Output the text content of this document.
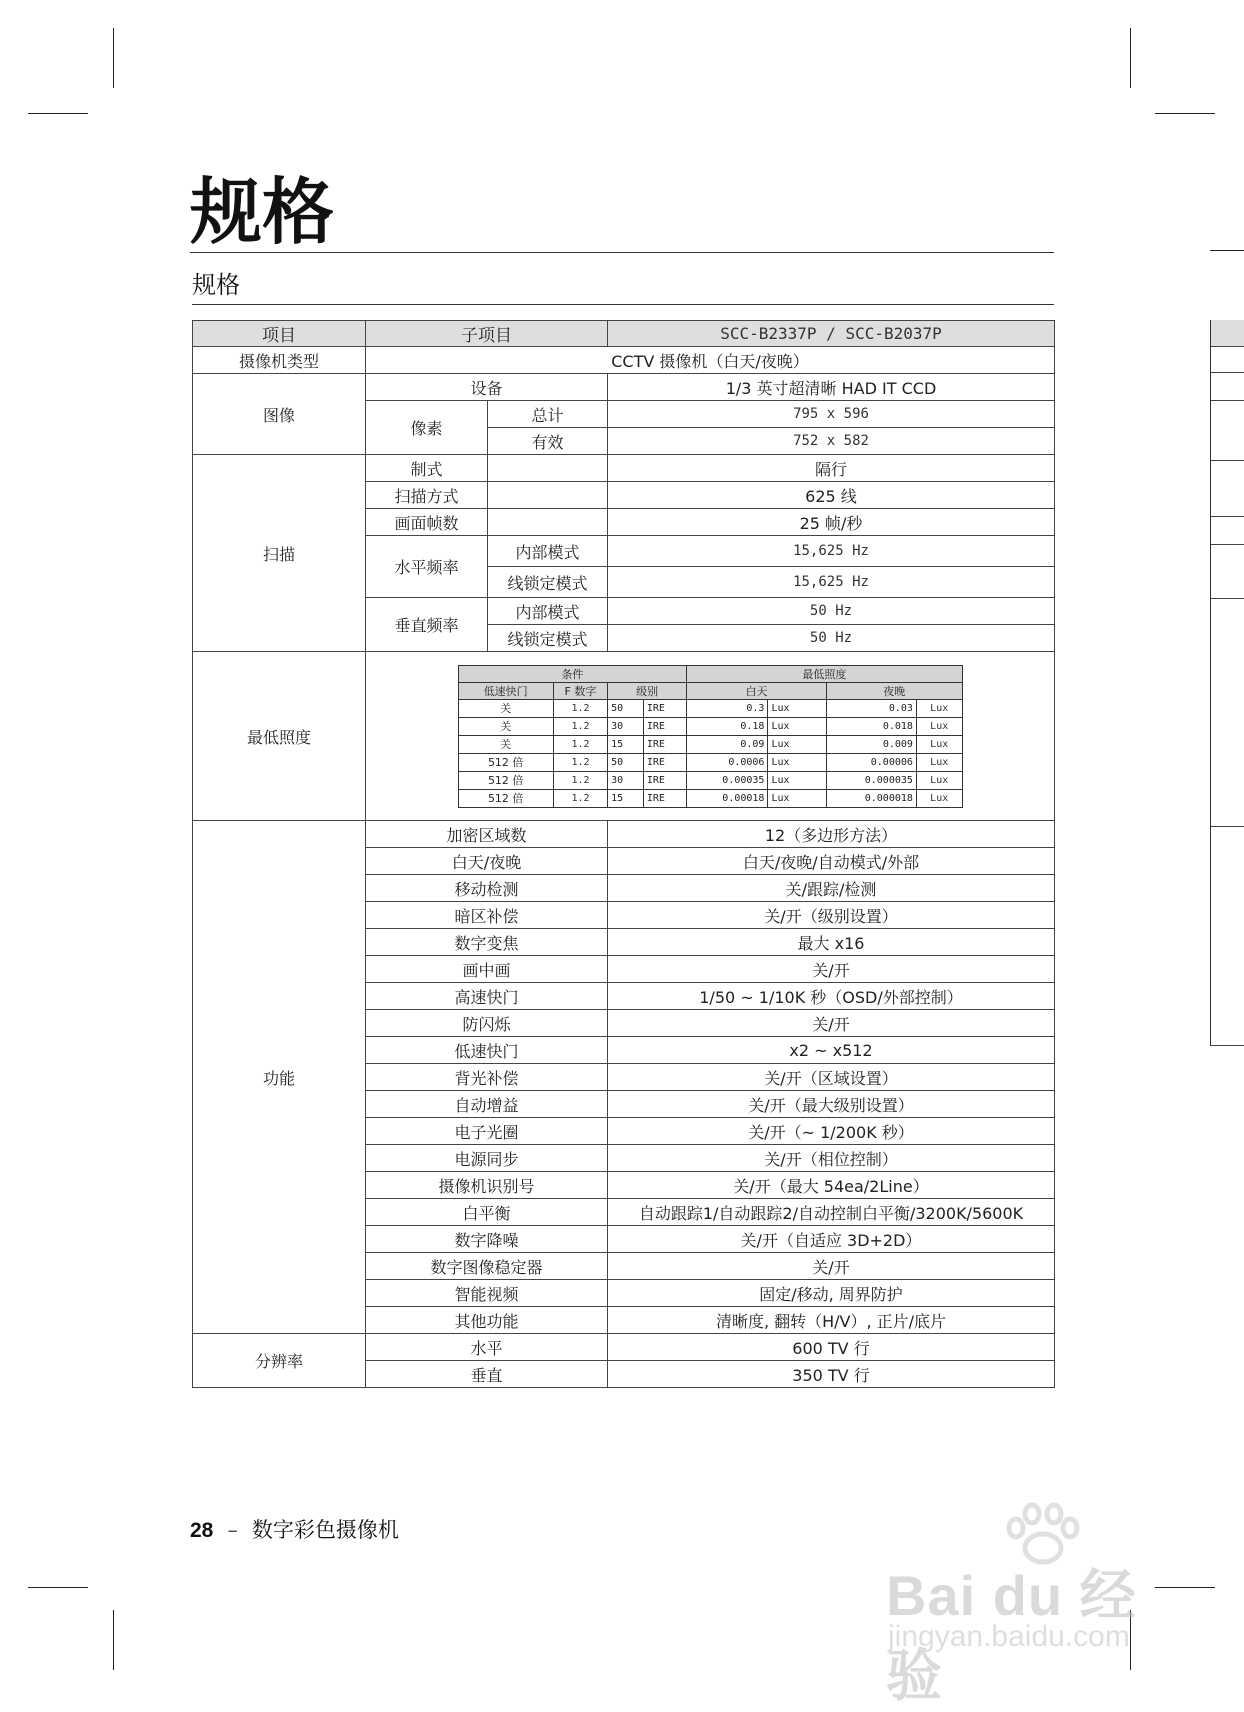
规格
规格
项目	子项目	SCC-B2337P / SCC-B2037P
摄像机类型	CCTV 摄像机（白天/夜晚）
图像	设备	1/3 英寸超清晰 HAD IT CCD
像素	总计	795 x 596
有效	752 x 582
扫描	制式		隔行
扫描方式		625 线
画面帧数		25 帧/秒
水平频率	内部模式	15,625 Hz
线锁定模式	15,625 Hz
垂直频率	内部模式	50 Hz
线锁定模式	50 Hz
最低照度	
条件	最低照度
低速快门	F 数字	级别	白天	夜晚
关	1.2	50	IRE	0.3	Lux	0.03	Lux
关	1.2	30	IRE	0.18	Lux	0.018	Lux
关	1.2	15	IRE	0.09	Lux	0.009	Lux
512 倍	1.2	50	IRE	0.0006	Lux	0.00006	Lux
512 倍	1.2	30	IRE	0.00035	Lux	0.000035	Lux
512 倍	1.2	15	IRE	0.00018	Lux	0.000018	Lux

功能	加密区域数	12（多边形方法）
白天/夜晚	白天/夜晚/自动模式/外部
移动检测	关/跟踪/检测
暗区补偿	关/开（级别设置）
数字变焦	最大 x16
画中画	关/开
高速快门	1/50 ~ 1/10K 秒（OSD/外部控制）
防闪烁	关/开
低速快门	x2 ~ x512
背光补偿	关/开（区域设置）
自动增益	关/开（最大级别设置）
电子光圈	关/开（~ 1/200K 秒）
电源同步	关/开（相位控制）
摄像机识别号	关/开（最大 54ea/2Line）
白平衡	自动跟踪1/自动跟踪2/自动控制白平衡/3200K/5600K
数字降噪	关/开（自适应 3D+2D）
数字图像稳定器	关/开
智能视频	固定/移动, 周界防护
其他功能	清晰度, 翻转（H/V）, 正片/底片
分辨率	水平	600 TV 行
垂直	350 TV 行
28 – 数字彩色摄像机
Bai du 经验
jingyan.baidu.com
